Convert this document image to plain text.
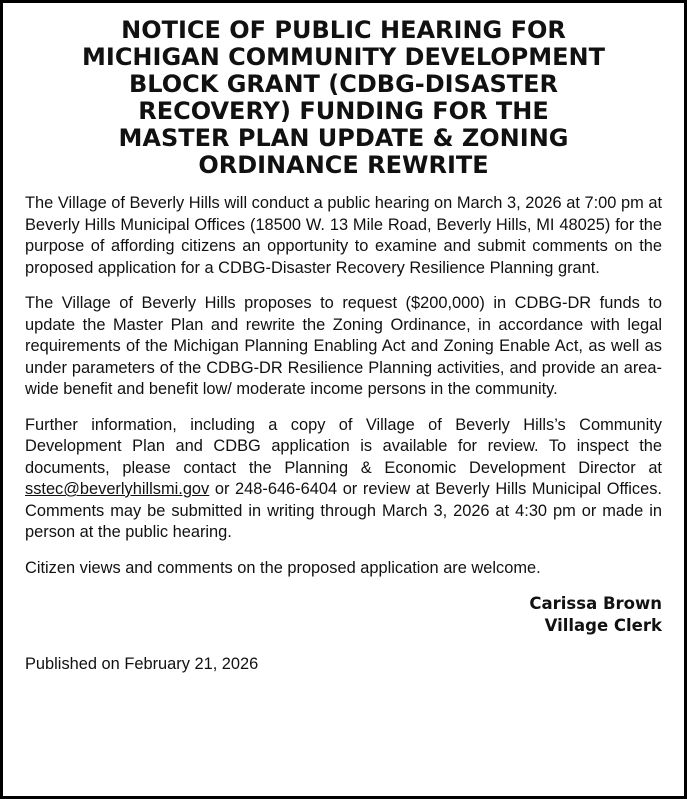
NOTICE OF PUBLIC HEARING FOR
MICHIGAN COMMUNITY DEVELOPMENT
BLOCK GRANT (CDBG-DISASTER
RECOVERY) FUNDING FOR THE
MASTER PLAN UPDATE & ZONING
ORDINANCE REWRITE

The Village of Beverly Hills will conduct a public hearing on March 3, 2026 at 7:00 pm at Beverly Hills Municipal Offices (18500 W. 13 Mile Road, Beverly Hills, MI 48025) for the purpose of affording citizens an opportunity to examine and submit comments on the proposed application for a CDBG-Disaster Recovery Resilience Planning grant.

The Village of Beverly Hills proposes to request ($200,000) in CDBG-DR funds to update the Master Plan and rewrite the Zoning Ordinance, in accordance with legal requirements of the Michigan Planning Enabling Act and Zoning Enable Act, as well as under parameters of the CDBG-DR Resilience Planning activities, and provide an area-wide benefit and benefit low/ moderate income persons in the community.

Further information, including a copy of Village of Beverly Hills’s Community Development Plan and CDBG application is available for review. To inspect the documents, please contact the Planning & Economic Development Director at sstec@beverlyhillsmi.gov or 248-646-6404 or review at Beverly Hills Municipal Offices. Comments may be submitted in writing through March 3, 2026 at 4:30 pm or made in person at the public hearing.

Citizen views and comments on the proposed application are welcome.

Carissa Brown
Village Clerk

Published on February 21, 2026
